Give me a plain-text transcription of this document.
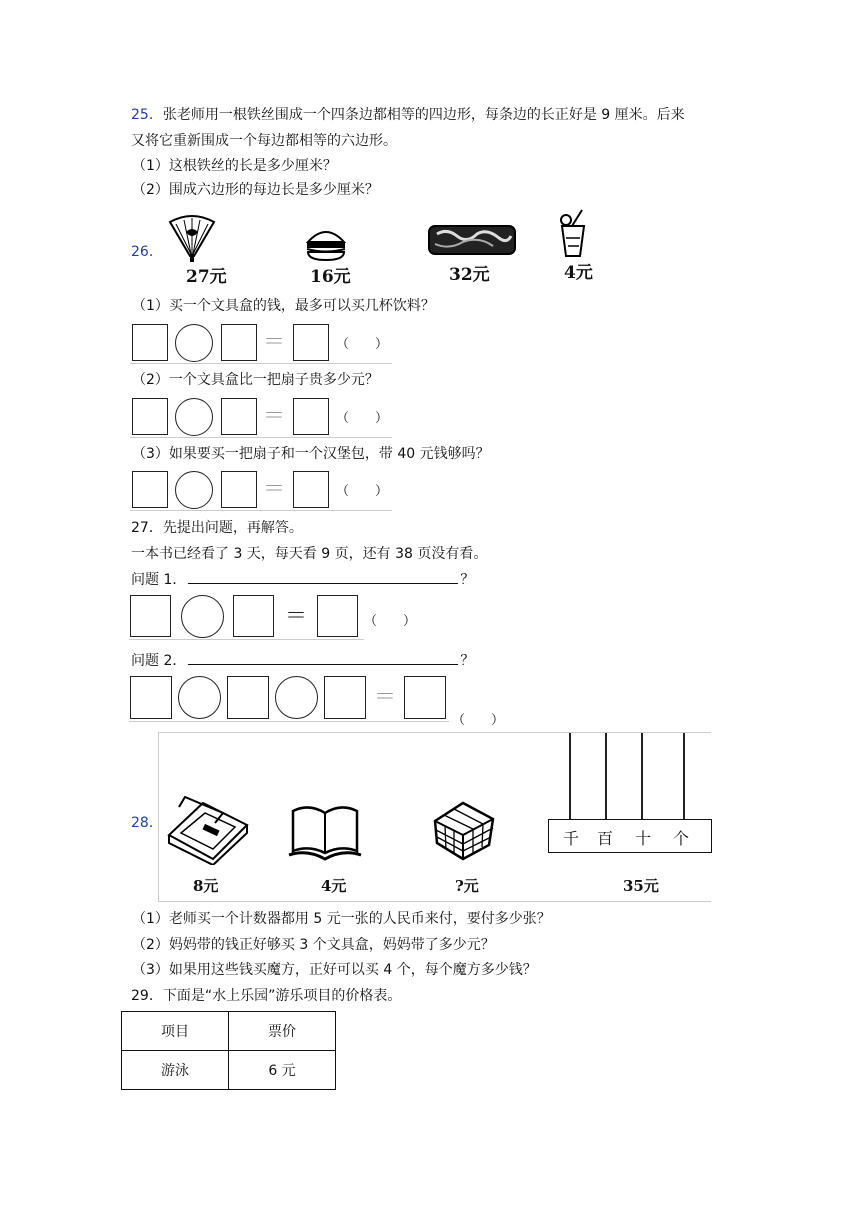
25．张老师用一根铁丝围成一个四条边都相等的四边形，每条边的长正好是 9 厘米。后来
又将它重新围成一个每边都相等的六边形。
（1）这根铁丝的长是多少厘米？
（2）围成六边形的每边长是多少厘米？
26．
27元	16元	32元	4元
（1）买一个文具盒的钱，最多可以买几杯饮料？
＝	（　　）
（2）一个文具盒比一把扇子贵多少元？
＝	（　　）
（3）如果要买一把扇子和一个汉堡包，带 40 元钱够吗？
＝	（　　）
27．先提出问题，再解答。
一本书已经看了 3 天，每天看 9 页，还有 38 页没有看。
问题 1．	？
＝	（　　）
问题 2．	？
＝
（　　）
28．
8元	4元	?元
千 百 十 个
35元
（1）老师买一个计数器都用 5 元一张的人民币来付，要付多少张？
（2）妈妈带的钱正好够买 3 个文具盒，妈妈带了多少元？
（3）如果用这些钱买魔方，正好可以买 4 个，每个魔方多少钱？
29．下面是“水上乐园”游乐项目的价格表。
项目	票价
游泳	6 元
